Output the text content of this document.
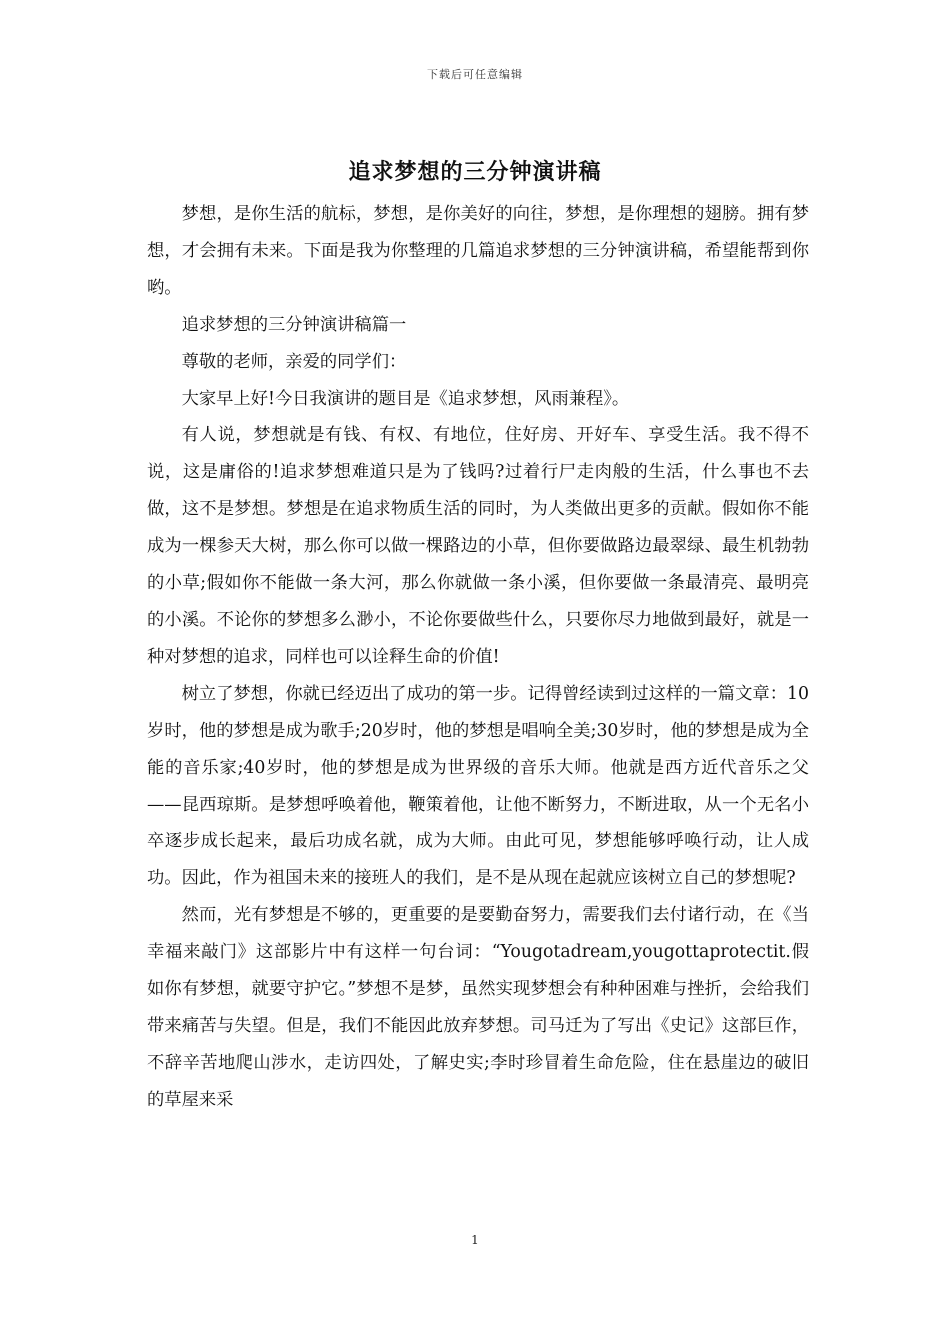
下载后可任意编辑
追求梦想的三分钟演讲稿

梦想，是你生活的航标，梦想，是你美好的向往，梦想，是你理想的翅膀。拥有梦想，才会拥有未来。下面是我为你整理的几篇追求梦想的三分钟演讲稿，希望能帮到你哟。

追求梦想的三分钟演讲稿篇一

尊敬的老师，亲爱的同学们：

大家早上好!今日我演讲的题目是《追求梦想，风雨兼程》。

有人说，梦想就是有钱、有权、有地位，住好房、开好车、享受生活。我不得不说，这是庸俗的!追求梦想难道只是为了钱吗?过着行尸走肉般的生活，什么事也不去做，这不是梦想。梦想是在追求物质生活的同时，为人类做出更多的贡献。假如你不能成为一棵参天大树，那么你可以做一棵路边的小草，但你要做路边最翠绿、最生机勃勃的小草;假如你不能做一条大河，那么你就做一条小溪，但你要做一条最清亮、最明亮的小溪。不论你的梦想多么渺小，不论你要做些什么，只要你尽力地做到最好，就是一种对梦想的追求，同样也可以诠释生命的价值!

树立了梦想，你就已经迈出了成功的第一步。记得曾经读到过这样的一篇文章：10岁时，他的梦想是成为歌手;20岁时，他的梦想是唱响全美;30岁时，他的梦想是成为全能的音乐家;40岁时，他的梦想是成为世界级的音乐大师。他就是西方近代音乐之父——昆西琼斯。是梦想呼唤着他，鞭策着他，让他不断努力，不断进取，从一个无名小卒逐步成长起来，最后功成名就，成为大师。由此可见，梦想能够呼唤行动，让人成功。因此，作为祖国未来的接班人的我们，是不是从现在起就应该树立自己的梦想呢?

然而，光有梦想是不够的，更重要的是要勤奋努力，需要我们去付诸行动，在《当幸福来敲门》这部影片中有这样一句台词：“Yougotadream,yougottaprotectit.假如你有梦想，就要守护它。”梦想不是梦，虽然实现梦想会有种种困难与挫折，会给我们带来痛苦与失望。但是，我们不能因此放弃梦想。司马迁为了写出《史记》这部巨作，不辞辛苦地爬山涉水，走访四处，了解史实;李时珍冒着生命危险，住在悬崖边的破旧的草屋来采

1
